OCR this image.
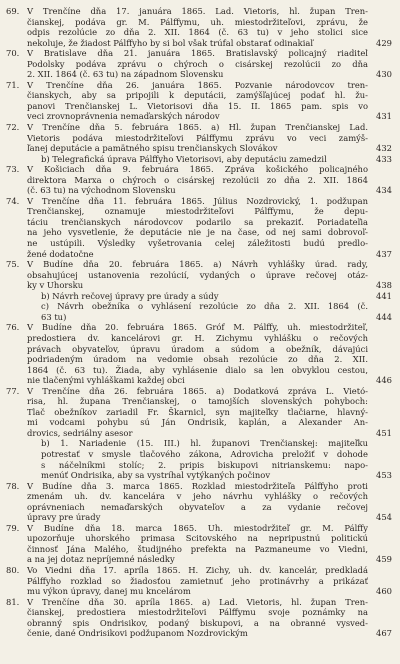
69. V Trenčíne dňa 17. januára 1865. Lad. Vietoris, hl. župan Tren-
čianskej, podáva gr. M. Pálffymu, uh. miestodržiteľovi, zprávu, že
odpis rezolúcie zo dňa 2. XII. 1864 (č. 63 tu) v jeho stolici sice
nekoluje, že žiadost Pálffyho by si bol však trúfal obstarať odinakiaľ	429
70. V Bratislave dňa 21. januára 1865. Bratislavský policajný riaditeľ
Podolsky podáva zprávu o chýroch o cisárskej rezolúcii zo dňa
2. XII. 1864 (č. 63 tu) na západnom Slovensku	430
71. V Trenčíne dňa 26. januára 1865. Pozvanie národovcov tren-
čianskych, aby sa pripojili k deputácii, zamýšľajúcej podať hl. žu-
panovi Trenčianskej L. Vietorisovi dňa 15. II. 1865 pam. spis vo
veci zrovnoprávnenia nemaďarských národov	431
72. V Trenčíne dňa 5. februára 1865. a) Hl. župan Trenčianskej Lad.
Vietoris podáva miestodržiteľovi Pálffymu zprávu vo veci zamýš-
ľanej deputácie a pamätného spisu trenčianskych Slovákov	432
b) Telegrafická úprava Pálffyho Vietorisovi, aby deputáciu zamedzil	433
73. V Košiciach dňa 9. februára 1865. Zpráva košického policajného
direktora Marxa o chýroch o cisárskej rezolúcii zo dňa 2. XII. 1864
(č. 63 tu) na východnom Slovensku	434
74. V Trenčíne dňa 11. februára 1865. Július Nozdrovický, 1. podžupan
Trenčianskej, oznamuje miestodržiteľovi Pálffymu, že depu-
táciu trenčianskych národovcov podarilo sa prekaziť. Poriadateľia
na jeho vysvetlenie, že deputácie nie je na čase, od nej sami dobrovoľ-
ne ustúpili. Výsledky vyšetrovania celej záležitosti budú predlo-
žené dodatočne	437
75. V Budíne dňa 20. februára 1865. a) Návrh vyhlášky úrad. rady,
obsahujúcej ustanovenia rezolúcií, vydaných o úprave rečovej otáz-
ky v Uhorsku	438
b) Návrh rečovej úpravy pre úrady a súdy	441
c) Návrh obežníka o vyhlásení rezolúcie zo dňa 2. XII. 1864 (č.
63 tu)	444
76. V Budíne dňa 20. februára 1865. Gróf M. Pálffy, uh. miestodržiteľ,
predostiera dv. kancelárovi gr. H. Zichymu vyhlášku o rečových
právach obyvateľov, úpravu úradom a súdom a obežník, dávajúci
podriadeným úradom na vedomie obsah rezolúcie zo dňa 2. XII.
1864 (č. 63 tu). Žiada, aby vyhlásenie dialo sa len obvyklou cestou,
nie tlačenými vyhláškami každej obci	446
77. V Trenčíne dňa 26. februára 1865. a) Dodatková zpráva L. Vietó-
risa, hl. župana Trenčianskej, o tamojších slovenských pohyboch:
Tlač obežníkov zariadil Fr. Škarnicl, syn majiteľky tlačiarne, hlavný-
mi vodcami pohybu sú Ján Ondrisik, kaplán, a Alexander An-
drovics, sedriálny asesor	451
b) 1. Nariadenie (15. III.) hl. županovi Trenčianskej: majiteľku
potrestať v smysle tlačového zákona, Adrovicha preložiť v dohode
s náčelníkmi stolíc; 2. pripis biskupovi nitrianskemu: napo-
menúť Ondrisika, aby sa vystríhal vytýkaných počinov	453
78. V Budíne dňa 3. marca 1865. Rozklad miestodržiteľa Pálffyho proti
zmenám uh. dv. kancelára v jeho návrhu vyhlášky o rečových
oprávneniach nemaďarských obyvateľov a za vydanie rečovej
úpravy pre úrady	454
79. V Budíne dňa 18. marca 1865. Uh. miestodržiteľ gr. M. Pálffy
upozorňuje uhorského primasa Scitovského na nepripustnú politickú
činnosť Jána Malého, študijného prefekta na Pazmaneume vo Viedni,
a na jej dotaz nepríjemné následky	459
80. Vo Viedni dňa 17. apríla 1865. H. Zichy, uh. dv. kancelár, predkladá
Pálffyho rozklad so žiadosťou zamietnuť jeho protinávrhy a prikázať
mu výkon úpravy, danej mu kncelárom	460
81. V Trenčíne dňa 30. apríla 1865. a) Lad. Vietoris, hl. župan Tren-
čianskej, predostiera miestodržiteľovi Pálffymu svoje poznámky na
obranný spis Ondrisikov, podaný biskupovi, a na obranné vysved-
čenie, dané Ondrisikovi podžupanom Nozdrovickým	467
